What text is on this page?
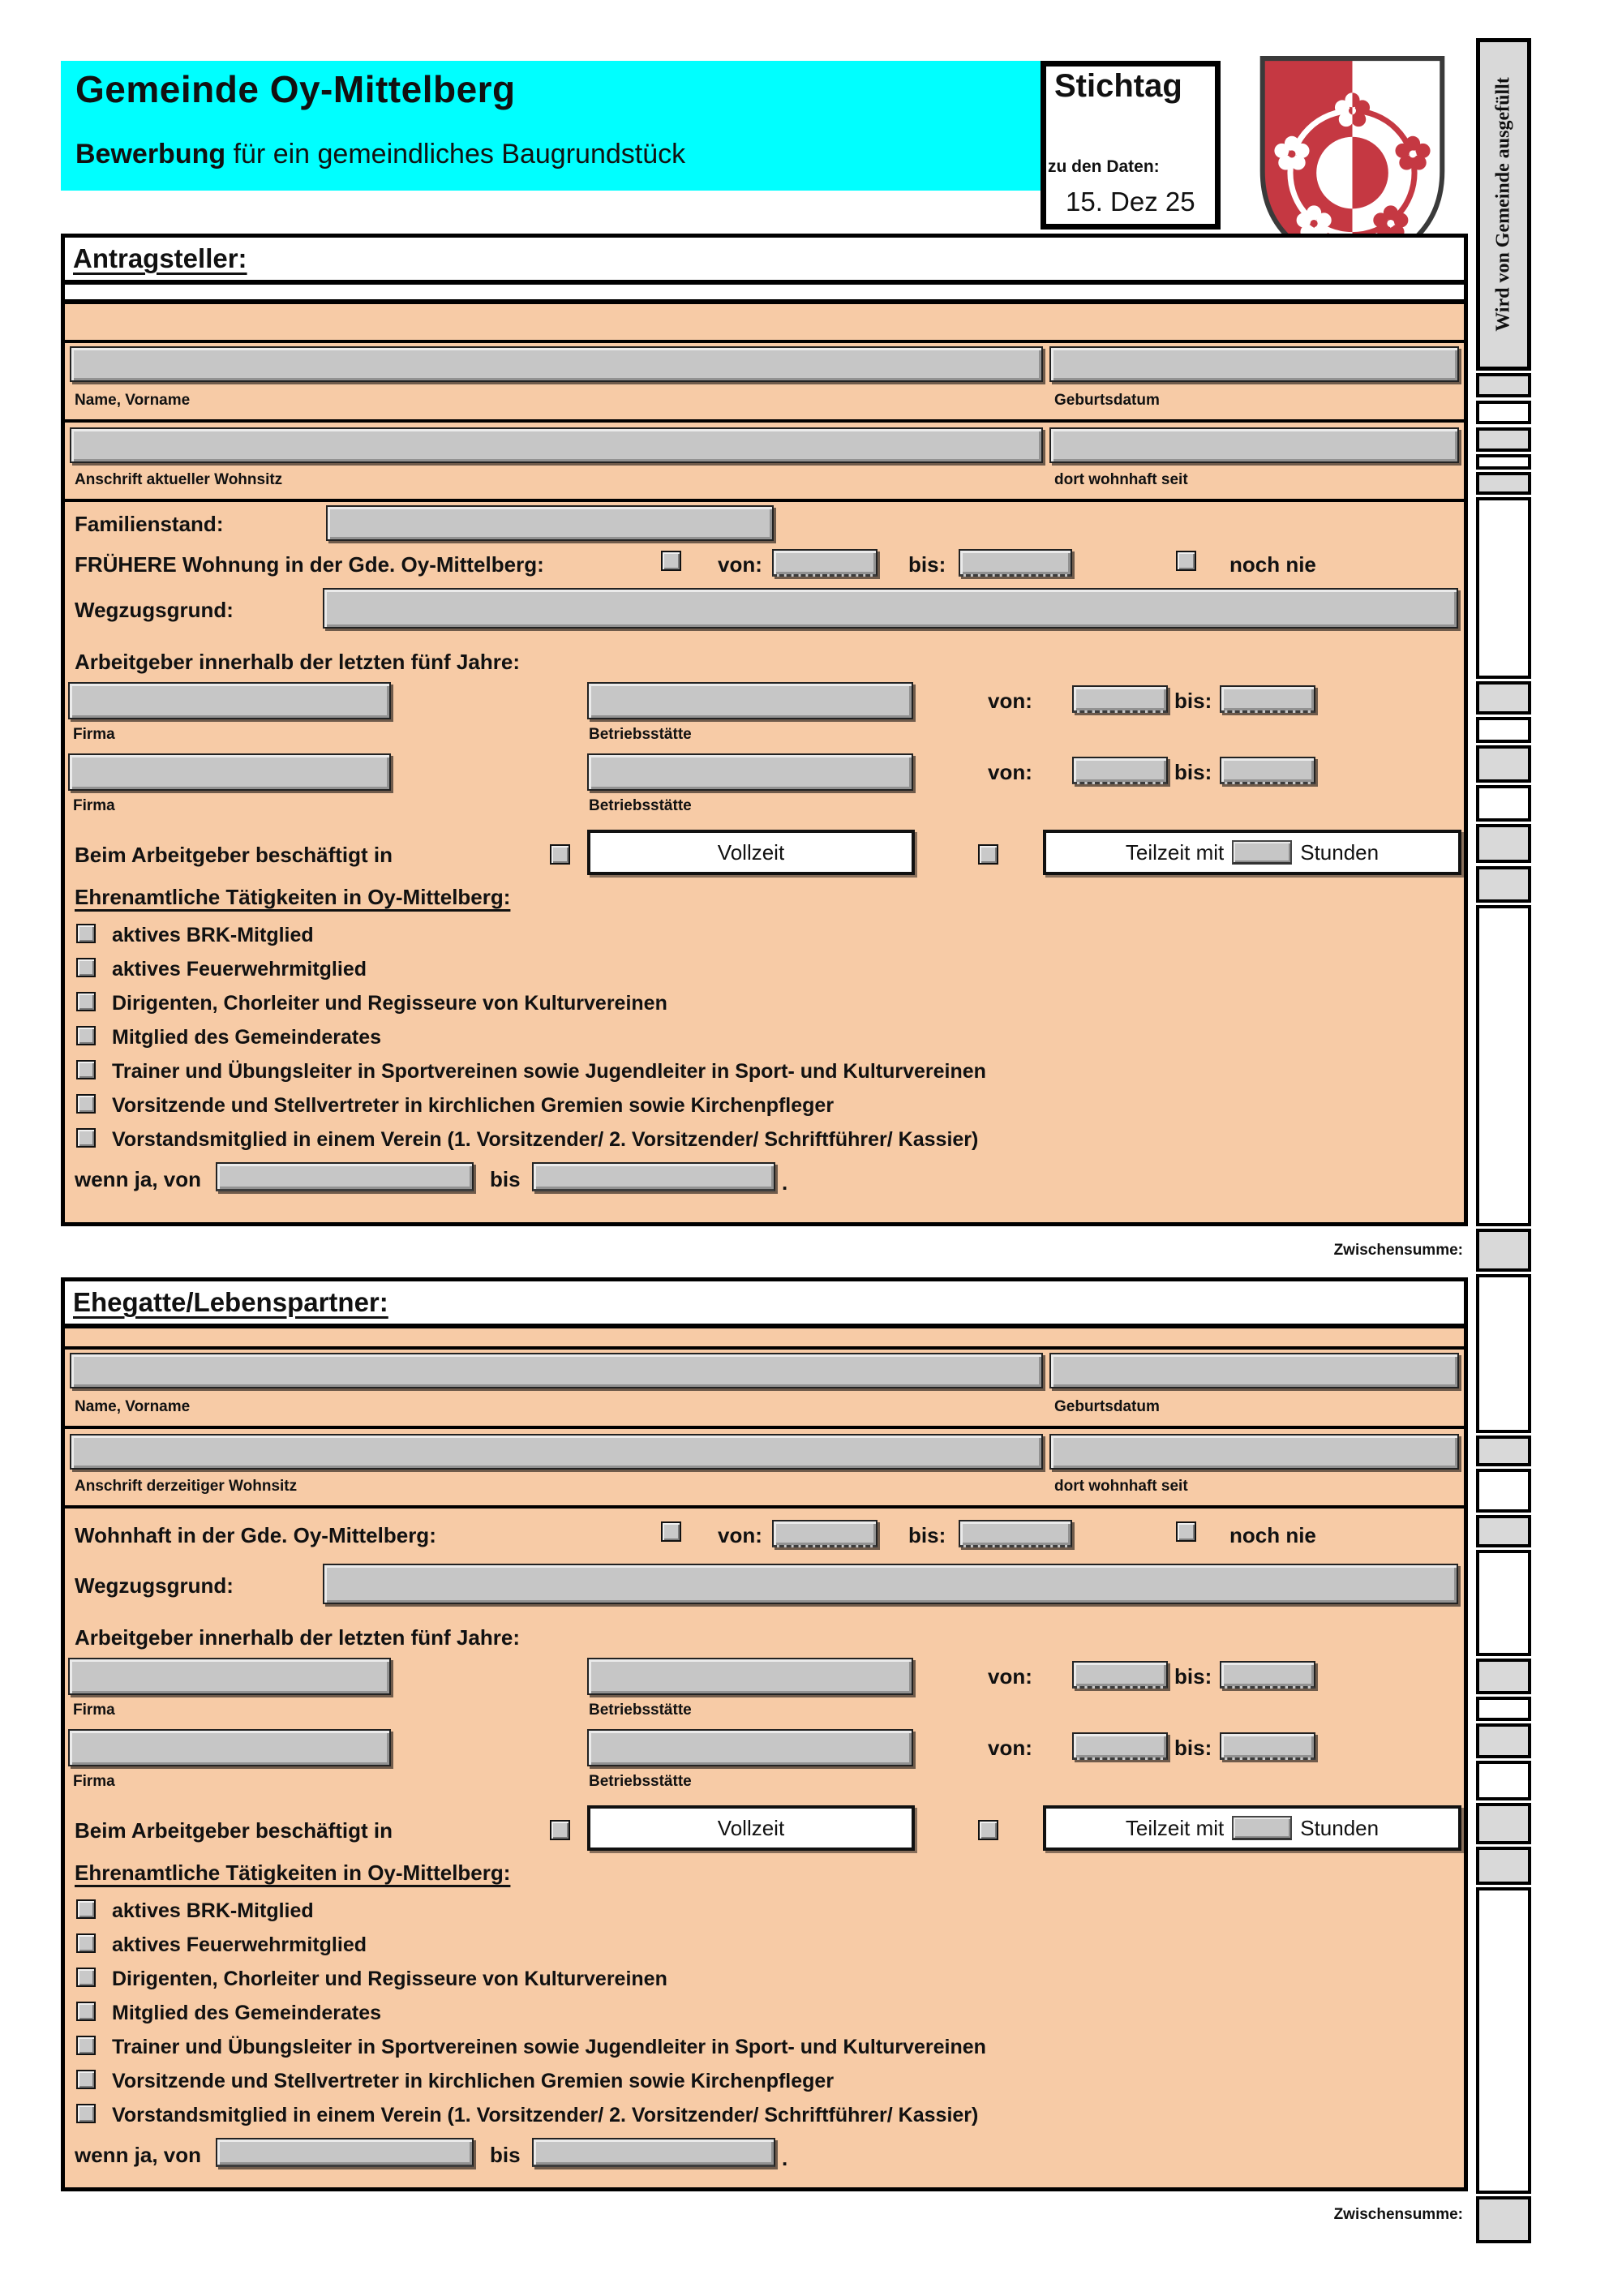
Gemeinde Oy-Mittelberg
Bewerbung für ein gemeindliches Baugrundstück
Stichtag
zu den Daten:
15. Dez 25	Wird von Gemeinde ausgefüllt
Antragsteller:
Name, Vorname	Geburtsdatum
Anschrift aktueller Wohnsitz	dort wohnhaft seit
Familienstand:
FRÜHERE Wohnung in der Gde. Oy-Mittelberg:	von:	bis:	noch nie
Wegzugsgrund:
Arbeitgeber innerhalb der letzten fünf Jahre:
von:	bis:
Firma	Betriebsstätte
von:	bis:
Firma	Betriebsstätte
Beim Arbeitgeber beschäftigt in	Vollzeit	Teilzeit mit	Stunden
Ehrenamtliche Tätigkeiten in Oy-Mittelberg:
aktives BRK-Mitglied
aktives Feuerwehrmitglied
Dirigenten, Chorleiter und Regisseure von Kulturvereinen
Mitglied des Gemeinderates
Trainer und Übungsleiter in Sportvereinen sowie Jugendleiter in Sport- und Kulturvereinen
Vorsitzende und Stellvertreter in kirchlichen Gremien sowie Kirchenpfleger
Vorstandsmitglied in einem Verein (1. Vorsitzender/ 2. Vorsitzender/ Schriftführer/ Kassier)
wenn ja, von	bis	.
Zwischensumme:
Ehegatte/Lebenspartner:
Name, Vorname	Geburtsdatum
Anschrift derzeitiger Wohnsitz	dort wohnhaft seit
Wohnhaft in der Gde. Oy-Mittelberg:	von:	bis:	noch nie
Wegzugsgrund:
Arbeitgeber innerhalb der letzten fünf Jahre:
von:	bis:
Firma	Betriebsstätte
von:	bis:
Firma	Betriebsstätte
Beim Arbeitgeber beschäftigt in	Vollzeit	Teilzeit mit	Stunden
Ehrenamtliche Tätigkeiten in Oy-Mittelberg:
aktives BRK-Mitglied
aktives Feuerwehrmitglied
Dirigenten, Chorleiter und Regisseure von Kulturvereinen
Mitglied des Gemeinderates
Trainer und Übungsleiter in Sportvereinen sowie Jugendleiter in Sport- und Kulturvereinen
Vorsitzende und Stellvertreter in kirchlichen Gremien sowie Kirchenpfleger
Vorstandsmitglied in einem Verein (1. Vorsitzender/ 2. Vorsitzender/ Schriftführer/ Kassier)
wenn ja, von	bis	.
Zwischensumme:
